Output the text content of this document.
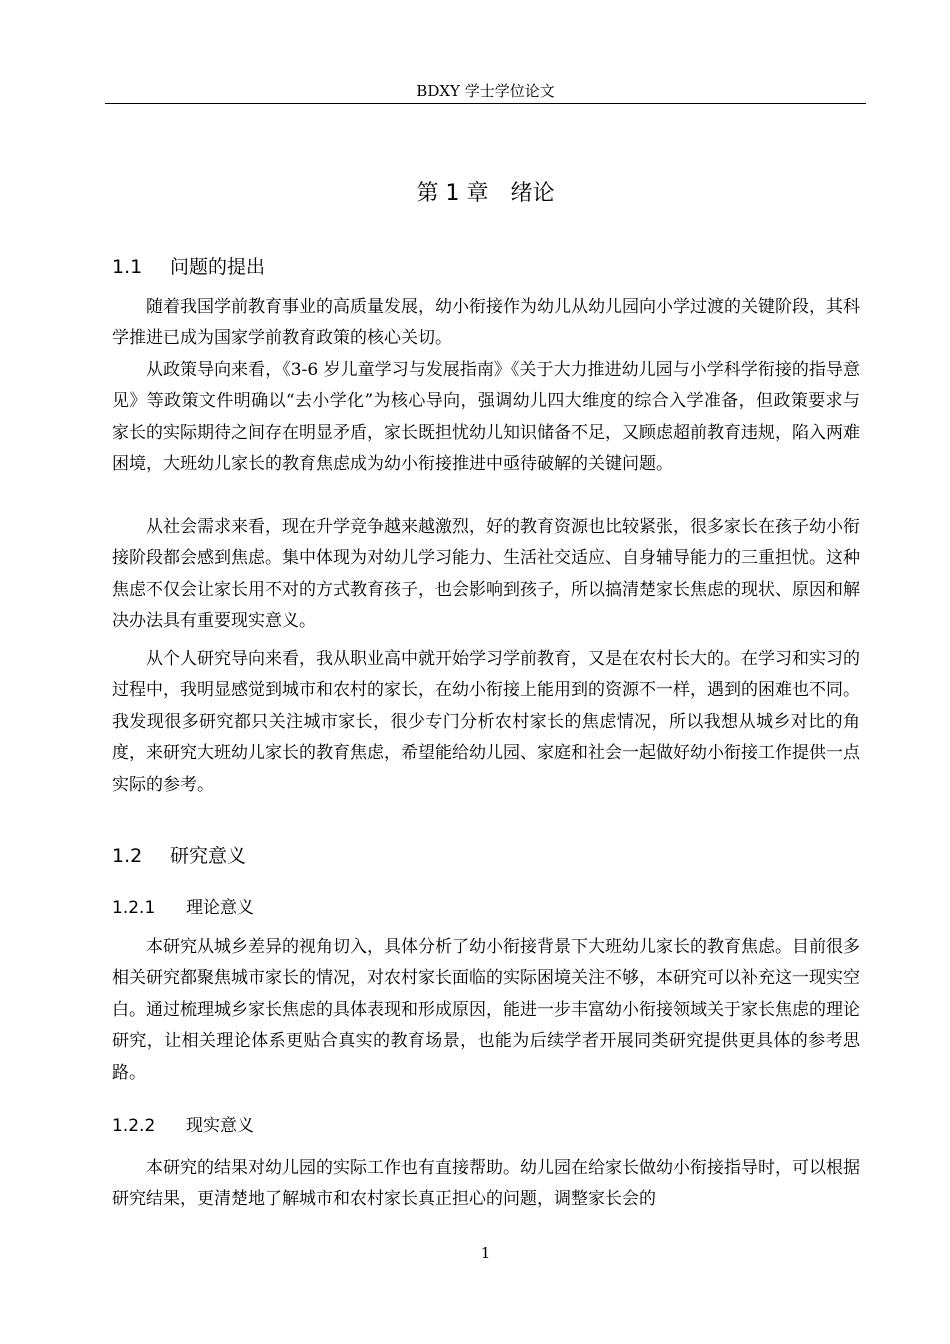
BDXY 学士学位论文
第 1 章 绪论
1.1 问题的提出

随着我国学前教育事业的高质量发展，幼小衔接作为幼儿从幼儿园向小学过渡的关键阶段，其科学推进已成为国家学前教育政策的核心关切。

从政策导向来看，《3-6 岁儿童学习与发展指南》《关于大力推进幼儿园与小学科学衔接的指导意见》等政策文件明确以“去小学化”为核心导向，强调幼儿四大维度的综合入学准备，但政策要求与家长的实际期待之间存在明显矛盾，家长既担忧幼儿知识储备不足，又顾虑超前教育违规，陷入两难困境，大班幼儿家长的教育焦虑成为幼小衔接推进中亟待破解的关键问题。

从社会需求来看，现在升学竞争越来越激烈，好的教育资源也比较紧张，很多家长在孩子幼小衔接阶段都会感到焦虑。集中体现为对幼儿学习能力、生活社交适应、自身辅导能力的三重担忧。这种焦虑不仅会让家长用不对的方式教育孩子，也会影响到孩子，所以搞清楚家长焦虑的现状、原因和解决办法具有重要现实意义。

从个人研究导向来看，我从职业高中就开始学习学前教育，又是在农村长大的。在学习和实习的过程中，我明显感觉到城市和农村的家长，在幼小衔接上能用到的资源不一样，遇到的困难也不同。我发现很多研究都只关注城市家长，很少专门分析农村家长的焦虑情况，所以我想从城乡对比的角度，来研究大班幼儿家长的教育焦虑，希望能给幼儿园、家庭和社会一起做好幼小衔接工作提供一点实际的参考。

1.2 研究意义
1.2.1 理论意义

本研究从城乡差异的视角切入，具体分析了幼小衔接背景下大班幼儿家长的教育焦虑。目前很多相关研究都聚焦城市家长的情况，对农村家长面临的实际困境关注不够，本研究可以补充这一现实空白。通过梳理城乡家长焦虑的具体表现和形成原因，能进一步丰富幼小衔接领域关于家长焦虑的理论研究，让相关理论体系更贴合真实的教育场景，也能为后续学者开展同类研究提供更具体的参考思路。

1.2.2 现实意义

本研究的结果对幼儿园的实际工作也有直接帮助。幼儿园在给家长做幼小衔接指导时，可以根据研究结果，更清楚地了解城市和农村家长真正担心的问题，调整家长会的

1
